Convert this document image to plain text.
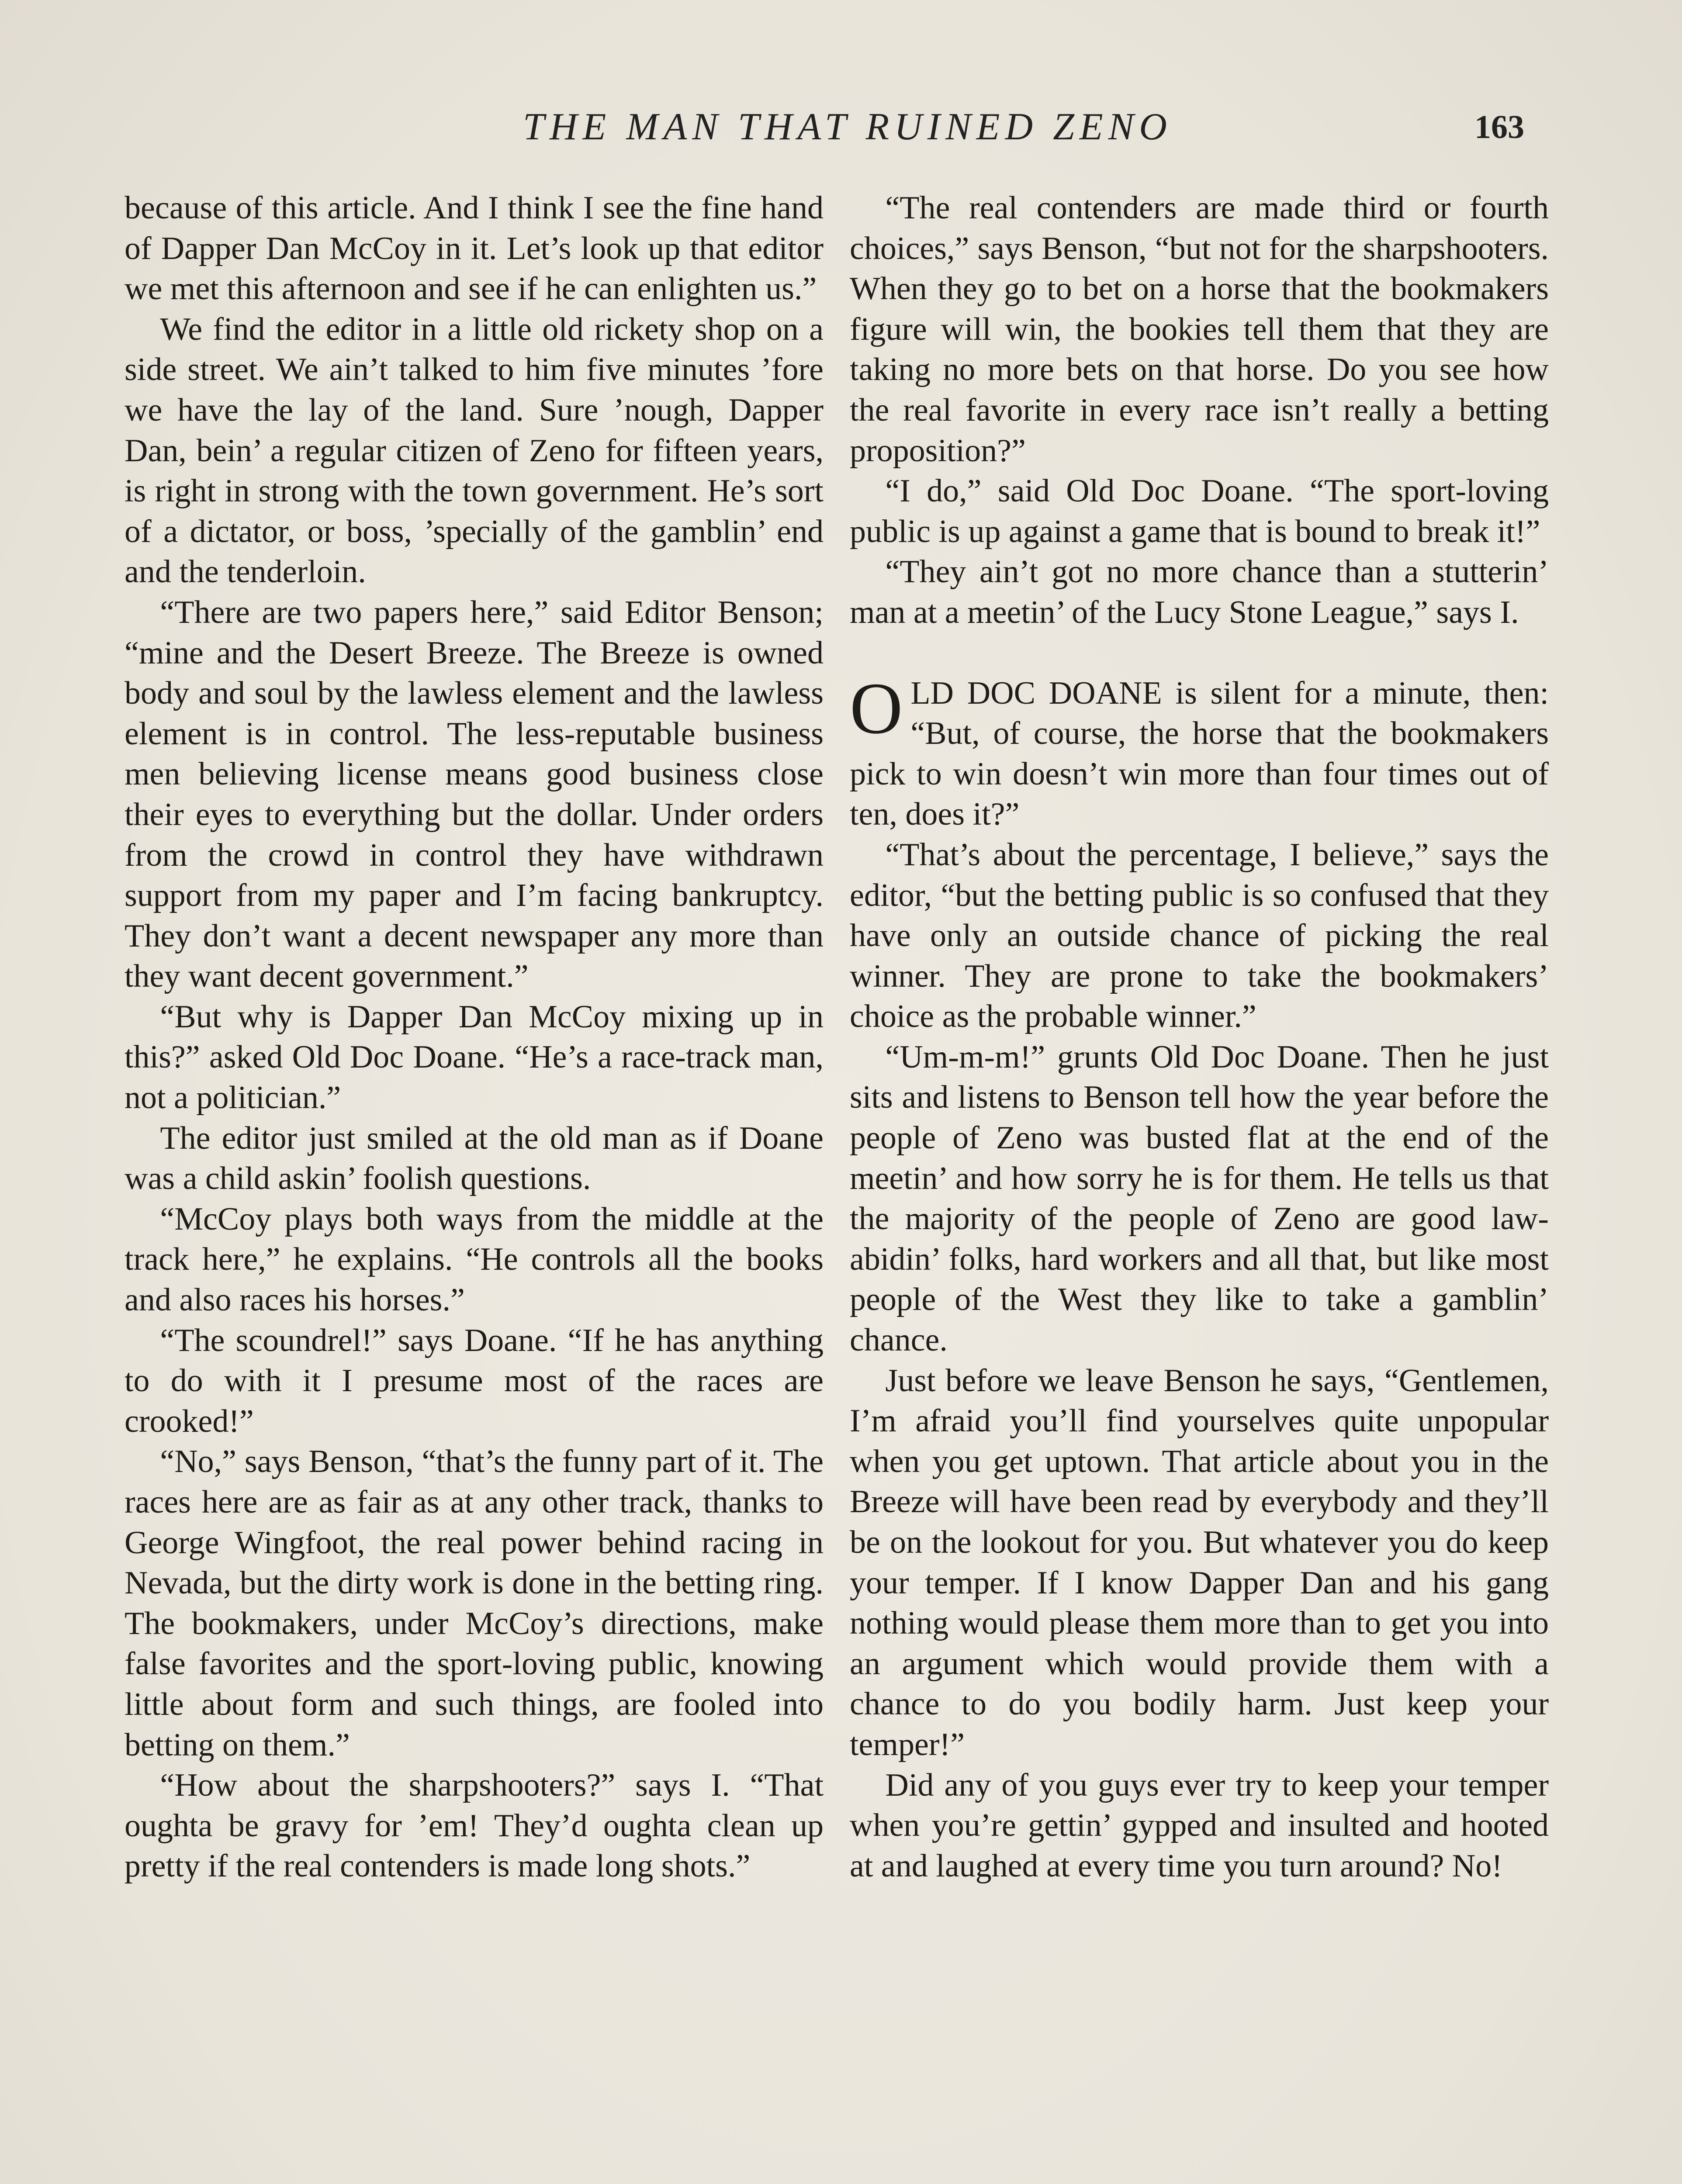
THE MAN THAT RUINED ZENO	163

because of this article. And I think I see the fine hand of Dapper Dan McCoy in it. Let’s look up that editor we met this afternoon and see if he can enlighten us.”

We find the editor in a little old rickety shop on a side street. We ain’t talked to him five minutes ’fore we have the lay of the land. Sure ’nough, Dapper Dan, bein’ a regular citizen of Zeno for fifteen years, is right in strong with the town government. He’s sort of a dictator, or boss, ’specially of the gamblin’ end and the tenderloin.

“There are two papers here,” said Editor Benson; “mine and the Desert Breeze. The Breeze is owned body and soul by the lawless element and the lawless element is in control. The less-reputable business men believing license means good business close their eyes to everything but the dollar. Under orders from the crowd in control they have withdrawn support from my paper and I’m facing bankruptcy. They don’t want a decent newspaper any more than they want decent government.”

“But why is Dapper Dan McCoy mixing up in this?” asked Old Doc Doane. “He’s a race-track man, not a politician.”

The editor just smiled at the old man as if Doane was a child askin’ foolish questions.

“McCoy plays both ways from the middle at the track here,” he explains. “He controls all the books and also races his horses.”

“The scoundrel!” says Doane. “If he has anything to do with it I presume most of the races are crooked!”

“No,” says Benson, “that’s the funny part of it. The races here are as fair as at any other track, thanks to George Wingfoot, the real power behind racing in Nevada, but the dirty work is done in the betting ring. The bookmakers, under McCoy’s directions, make false favorites and the sport-loving public, knowing little about form and such things, are fooled into betting on them.”

“How about the sharpshooters?” says I. “That oughta be gravy for ’em! They’d oughta clean up pretty if the real contenders is made long shots.”

“The real contenders are made third or fourth choices,” says Benson, “but not for the sharpshooters. When they go to bet on a horse that the bookmakers figure will win, the bookies tell them that they are taking no more bets on that horse. Do you see how the real favorite in every race isn’t really a betting proposition?”

“I do,” said Old Doc Doane. “The sport-loving public is up against a game that is bound to break it!”

“They ain’t got no more chance than a stutterin’ man at a meetin’ of the Lucy Stone League,” says I.

OLD DOC DOANE is silent for a minute, then: “But, of course, the horse that the bookmakers pick to win doesn’t win more than four times out of ten, does it?”

“That’s about the percentage, I believe,” says the editor, “but the betting public is so confused that they have only an outside chance of picking the real winner. They are prone to take the bookmakers’ choice as the probable winner.”

“Um-m-m!” grunts Old Doc Doane. Then he just sits and listens to Benson tell how the year before the people of Zeno was busted flat at the end of the meetin’ and how sorry he is for them. He tells us that the majority of the people of Zeno are good law-abidin’ folks, hard workers and all that, but like most people of the West they like to take a gamblin’ chance.

Just before we leave Benson he says, “Gentlemen, I’m afraid you’ll find yourselves quite unpopular when you get uptown. That article about you in the Breeze will have been read by everybody and they’ll be on the lookout for you. But whatever you do keep your temper. If I know Dapper Dan and his gang nothing would please them more than to get you into an argument which would provide them with a chance to do you bodily harm. Just keep your temper!”

Did any of you guys ever try to keep your temper when you’re gettin’ gypped and insulted and hooted at and laughed at every time you turn around? No!
